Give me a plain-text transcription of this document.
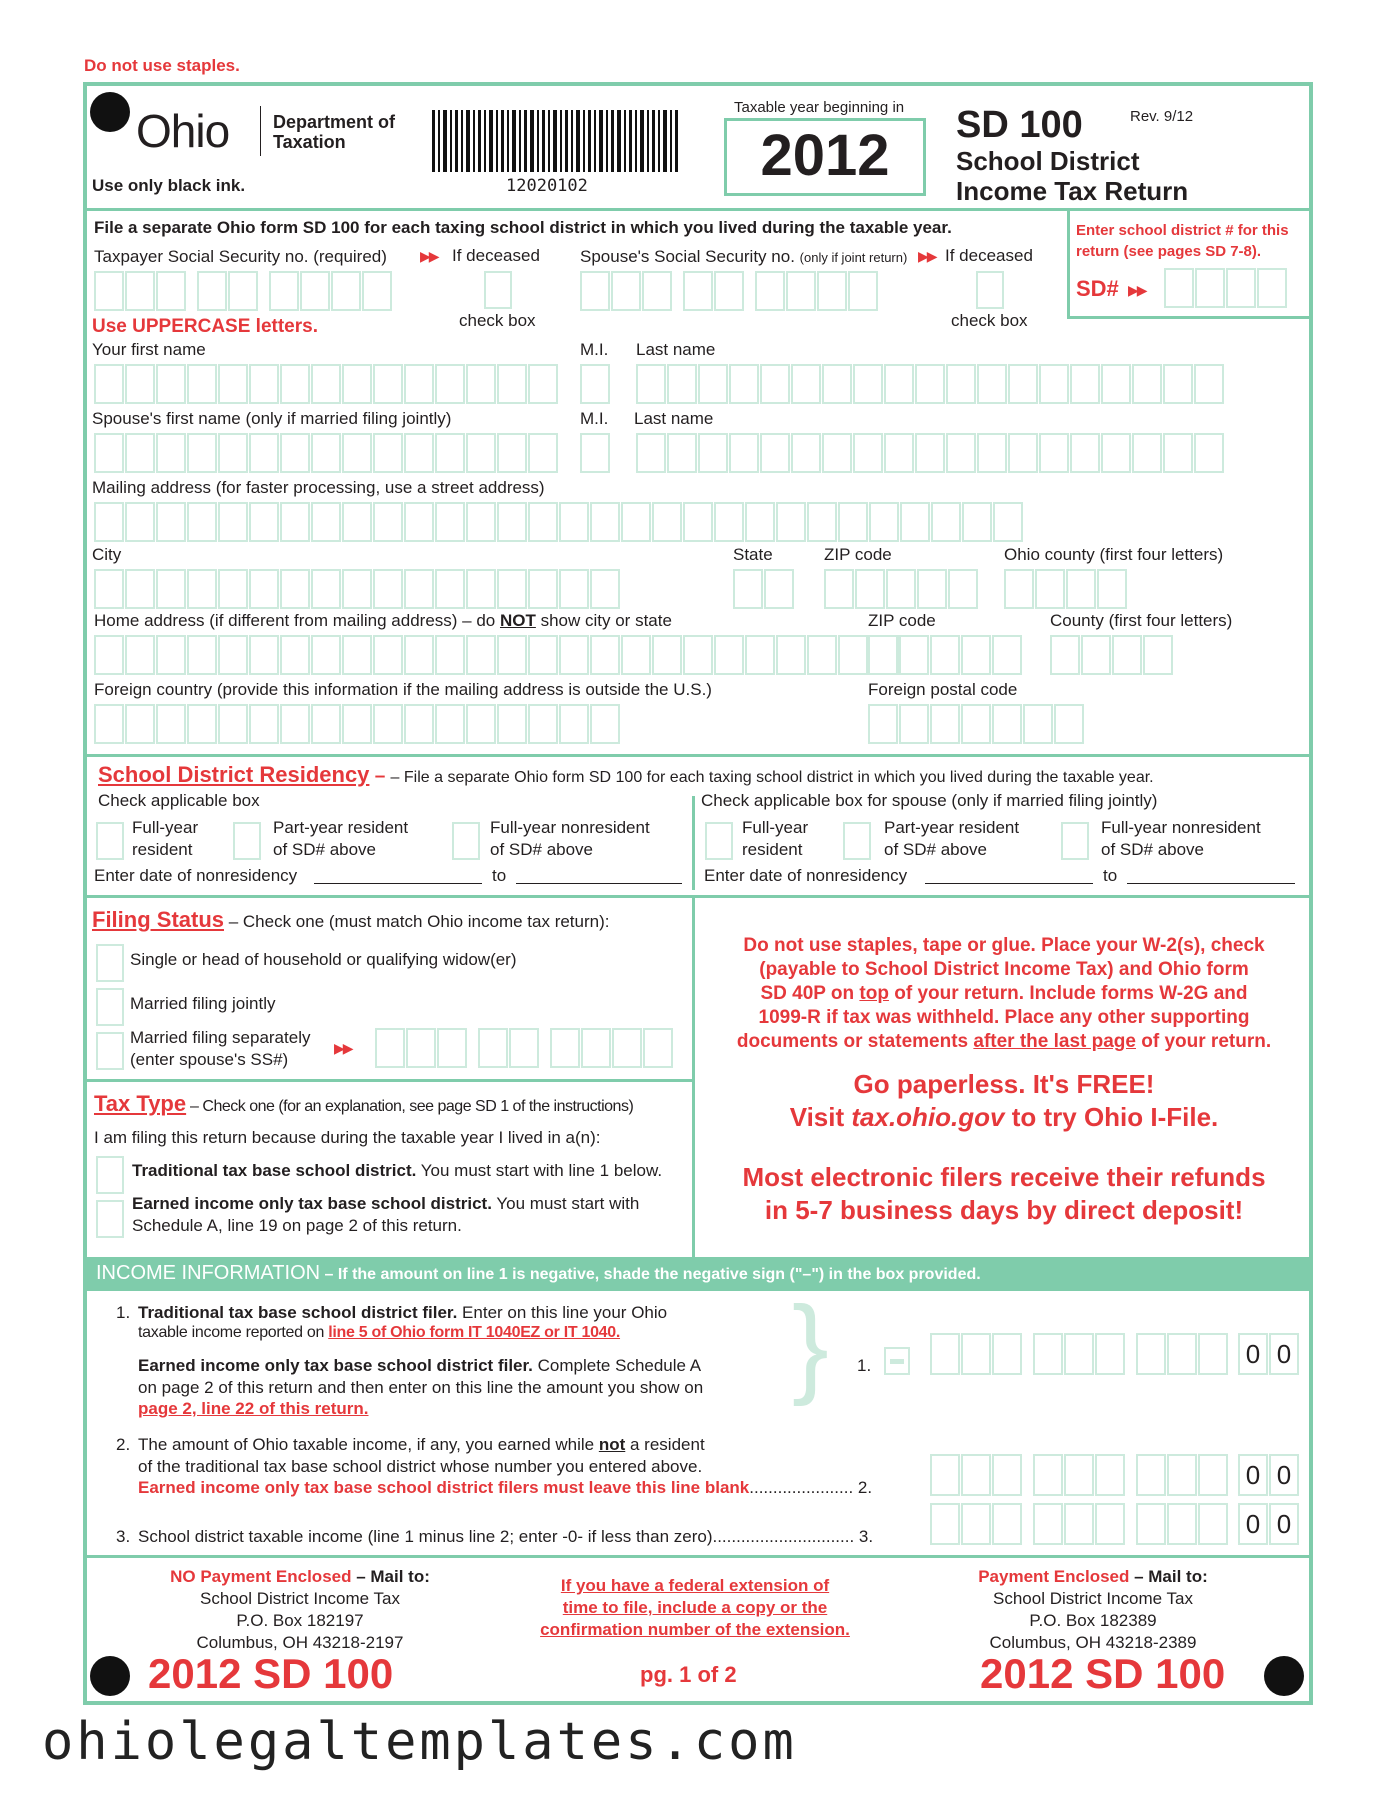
Do not use staples.
Ohio Department of
Taxation
Use only black ink.	12020102
Taxable year beginning in
2012	SD 100	Rev. 9/12
School District
Income Tax Return
File a separate Ohio form SD 100 for each taxing school district in which you lived during the taxable year.	Enter school district # for this
return (see pages SD 7-8).
SD# ▶▶
Taxpayer Social Security no. (required) ▶▶ If deceased
check box
Spouse's Social Security no. (only if joint return) ▶▶ If deceased
check box
Use UPPERCASE letters.
Your first name	M.I. Last name
Spouse's first name (only if married filing jointly)	M.I. Last name
Mailing address (for faster processing, use a street address)
City	State	ZIP code	Ohio county (first four letters)
Home address (if different from mailing address) – do NOT show city or state	ZIP code	County (first four letters)
Foreign country (provide this information if the mailing address is outside the U.S.)	Foreign postal code
School District Residency – – File a separate Ohio form SD 100 for each taxing school district in which you lived during the taxable year.
Check applicable box	Check applicable box for spouse (only if married filing jointly)
Full-year
resident
Part-year resident
of SD# above
Full-year nonresident
of SD# above
Enter date of nonresidency	to
Full-year
resident
Part-year resident
of SD# above
Full-year nonresident
of SD# above
Enter date of nonresidency	to
Filing Status – Check one (must match Ohio income tax return):
Single or head of household or qualifying widow(er)
Married filing jointly
Married filing separately
(enter spouse's SS#)
▶▶
Tax Type – Check one (for an explanation, see page SD 1 of the instructions)
I am filing this return because during the taxable year I lived in a(n):
Traditional tax base school district. You must start with line 1 below.
Earned income only tax base school district. You must start with
Schedule A, line 19 on page 2 of this return.
Do not use staples, tape or glue. Place your W-2(s), check
(payable to School District Income Tax) and Ohio form
SD 40P on top of your return. Include forms W-2G and
1099-R if tax was withheld. Place any other supporting
documents or statements after the last page of your return.
Go paperless. It's FREE!
Visit tax.ohio.gov to try Ohio I-File.
Most electronic filers receive their refunds
in 5-7 business days by direct deposit!
INCOME INFORMATION – If the amount on line 1 is negative, shade the negative sign ("–") in the box provided.
1. Traditional tax base school district filer. Enter on this line your Ohio
taxable income reported on line 5 of Ohio form IT 1040EZ or IT 1040.
Earned income only tax base school district filer. Complete Schedule A
on page 2 of this return and then enter on this line the amount you show on
page 2, line 22 of this return.
} 1.	0 0
2. The amount of Ohio taxable income, if any, you earned while not a resident
of the traditional tax base school district whose number you entered above.
Earned income only tax base school district filers must leave this line blank...................... 2.	0 0
3. School district taxable income (line 1 minus line 2; enter -0- if less than zero).............................. 3.	0 0
NO Payment Enclosed – Mail to:
School District Income Tax
P.O. Box 182197
Columbus, OH 43218-2197
If you have a federal extension of
time to file, include a copy or the
confirmation number of the extension.
Payment Enclosed – Mail to:
School District Income Tax
P.O. Box 182389
Columbus, OH 43218-2389
2012 SD 100	pg. 1 of 2	2012 SD 100
ohiolegaltemplates.com
